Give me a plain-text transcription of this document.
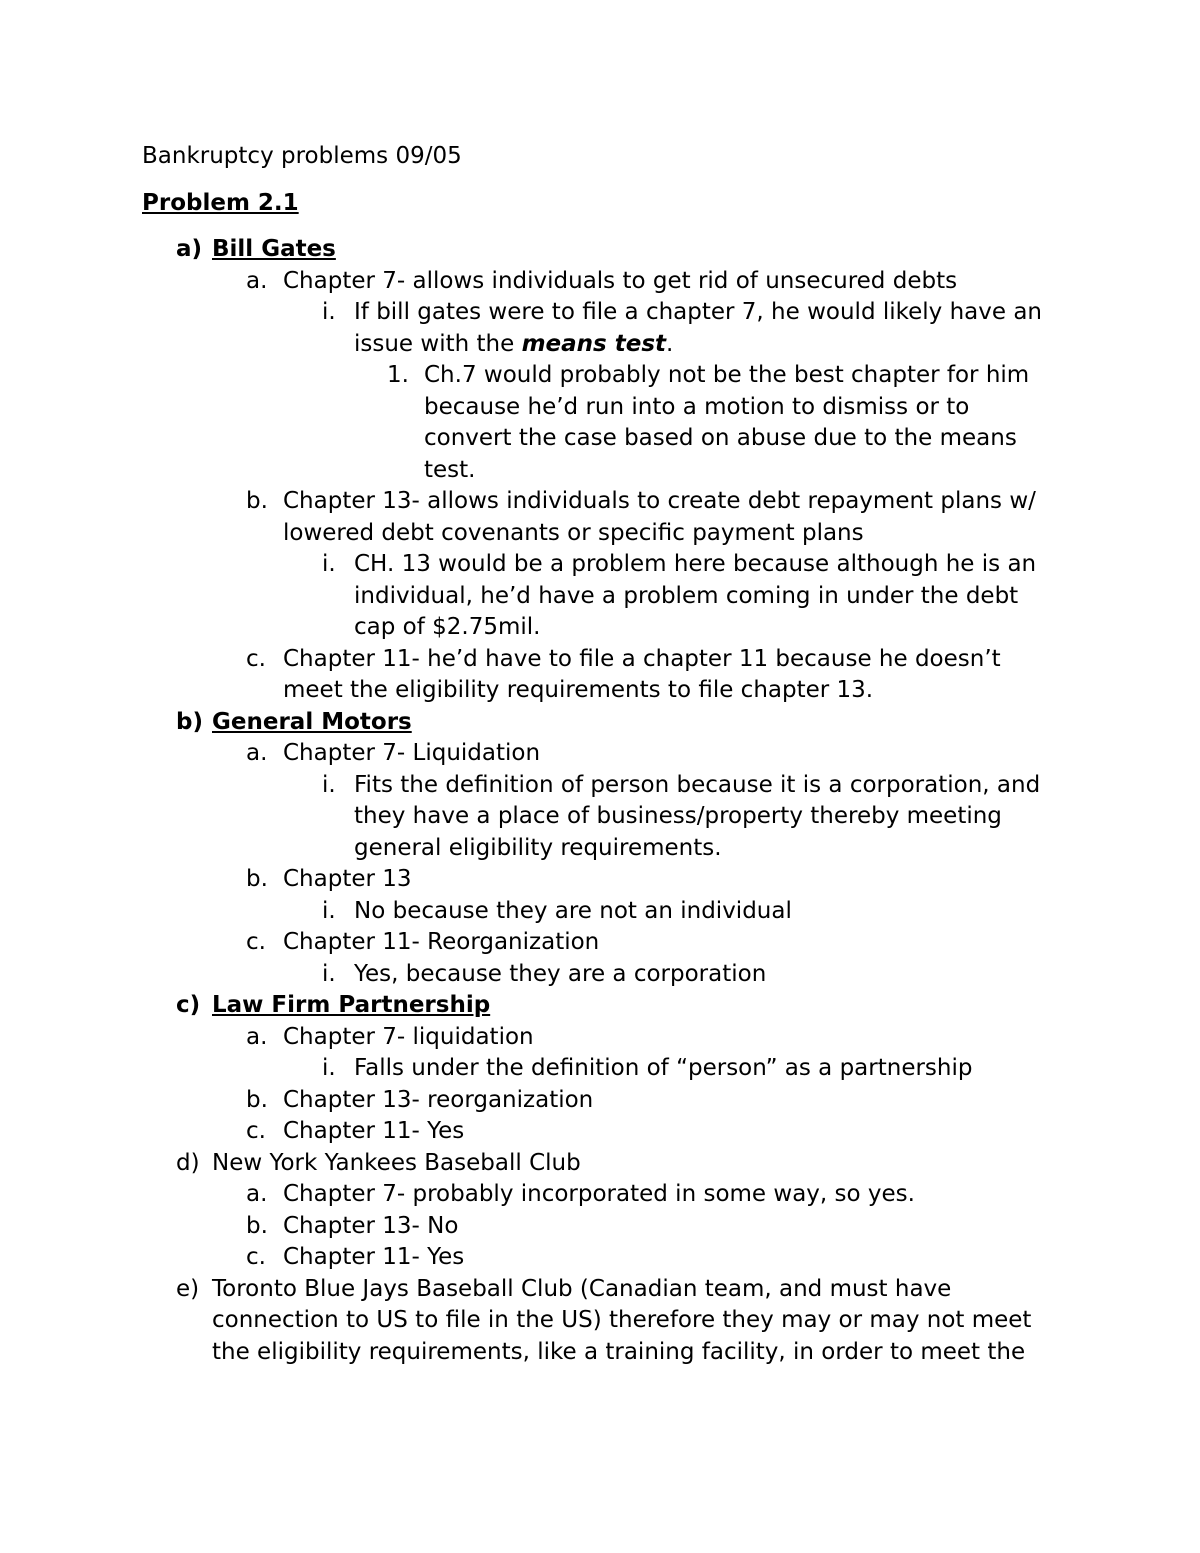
Bankruptcy problems 09/05
Problem 2.1
a) Bill Gates
a. Chapter 7- allows individuals to get rid of unsecured debts
i. If bill gates were to file a chapter 7, he would likely have an
issue with the means test.
1. Ch.7 would probably not be the best chapter for him
because he’d run into a motion to dismiss or to
convert the case based on abuse due to the means
test.
b. Chapter 13- allows individuals to create debt repayment plans w/
lowered debt covenants or specific payment plans
i. CH. 13 would be a problem here because although he is an
individual, he’d have a problem coming in under the debt
cap of $2.75mil.
c. Chapter 11- he’d have to file a chapter 11 because he doesn’t
meet the eligibility requirements to file chapter 13.
b) General Motors
a. Chapter 7- Liquidation
i. Fits the definition of person because it is a corporation, and
they have a place of business/property thereby meeting
general eligibility requirements.
b. Chapter 13
i. No because they are not an individual
c. Chapter 11- Reorganization
i. Yes, because they are a corporation
c) Law Firm Partnership
a. Chapter 7- liquidation
i. Falls under the definition of “person” as a partnership
b. Chapter 13- reorganization
c. Chapter 11- Yes
d) New York Yankees Baseball Club
a. Chapter 7- probably incorporated in some way, so yes.
b. Chapter 13- No
c. Chapter 11- Yes
e) Toronto Blue Jays Baseball Club (Canadian team, and must have
connection to US to file in the US) therefore they may or may not meet
the eligibility requirements, like a training facility, in order to meet the
